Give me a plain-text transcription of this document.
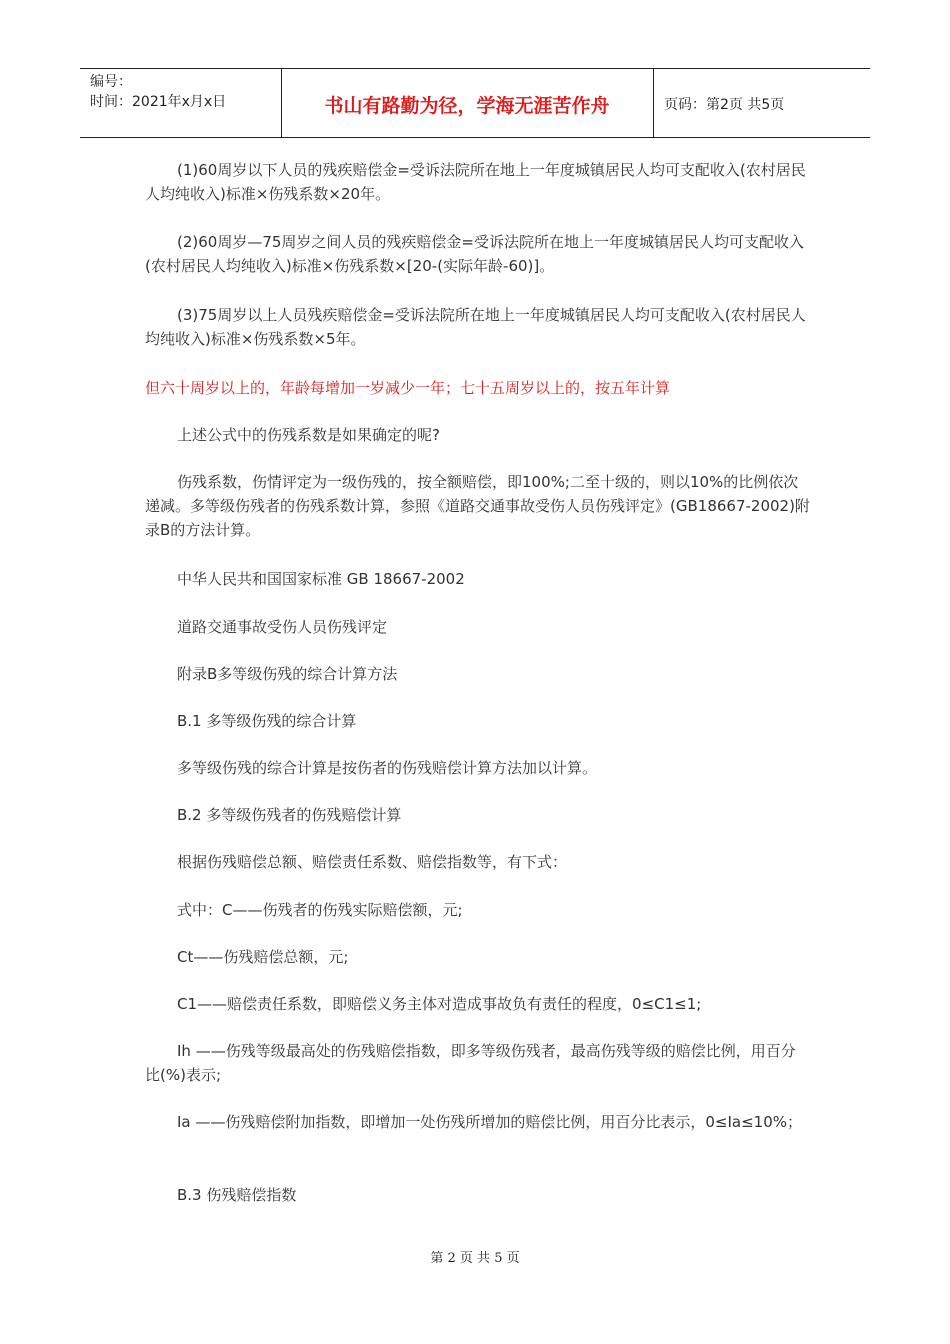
编号：
时间：2021年x月x日	书山有路勤为径，学海无涯苦作舟	页码：第2页 共5页

(1)60周岁以下人员的残疾赔偿金=受诉法院所在地上一年度城镇居民人均可支配收入(农村居民人均纯收入)标准×伤残系数×20年。

(2)60周岁—75周岁之间人员的残疾赔偿金=受诉法院所在地上一年度城镇居民人均可支配收入(农村居民人均纯收入)标准×伤残系数×[20-(实际年龄-60)]。

(3)75周岁以上人员残疾赔偿金=受诉法院所在地上一年度城镇居民人均可支配收入(农村居民人均纯收入)标准×伤残系数×5年。

但六十周岁以上的，年龄每增加一岁减少一年；七十五周岁以上的，按五年计算

上述公式中的伤残系数是如果确定的呢?

伤残系数，伤情评定为一级伤残的，按全额赔偿，即100%;二至十级的，则以10%的比例依次递减。多等级伤残者的伤残系数计算，参照《道路交通事故受伤人员伤残评定》(GB18667-2002)附录B的方法计算。

中华人民共和国国家标准 GB 18667-2002

道路交通事故受伤人员伤残评定

附录B多等级伤残的综合计算方法

B.1 多等级伤残的综合计算

多等级伤残的综合计算是按伤者的伤残赔偿计算方法加以计算。

B.2 多等级伤残者的伤残赔偿计算

根据伤残赔偿总额、赔偿责任系数、赔偿指数等，有下式：

式中：C——伤残者的伤残实际赔偿额，元;

Ct——伤残赔偿总额，元;

C1——赔偿责任系数，即赔偿义务主体对造成事故负有责任的程度，0≤C1≤1;

Ih ——伤残等级最高处的伤残赔偿指数，即多等级伤残者，最高伤残等级的赔偿比例，用百分比(%)表示;

Ia ——伤残赔偿附加指数，即增加一处伤残所增加的赔偿比例，用百分比表示，0≤Ia≤10%；

B.3 伤残赔偿指数

第 2 页 共 5 页
